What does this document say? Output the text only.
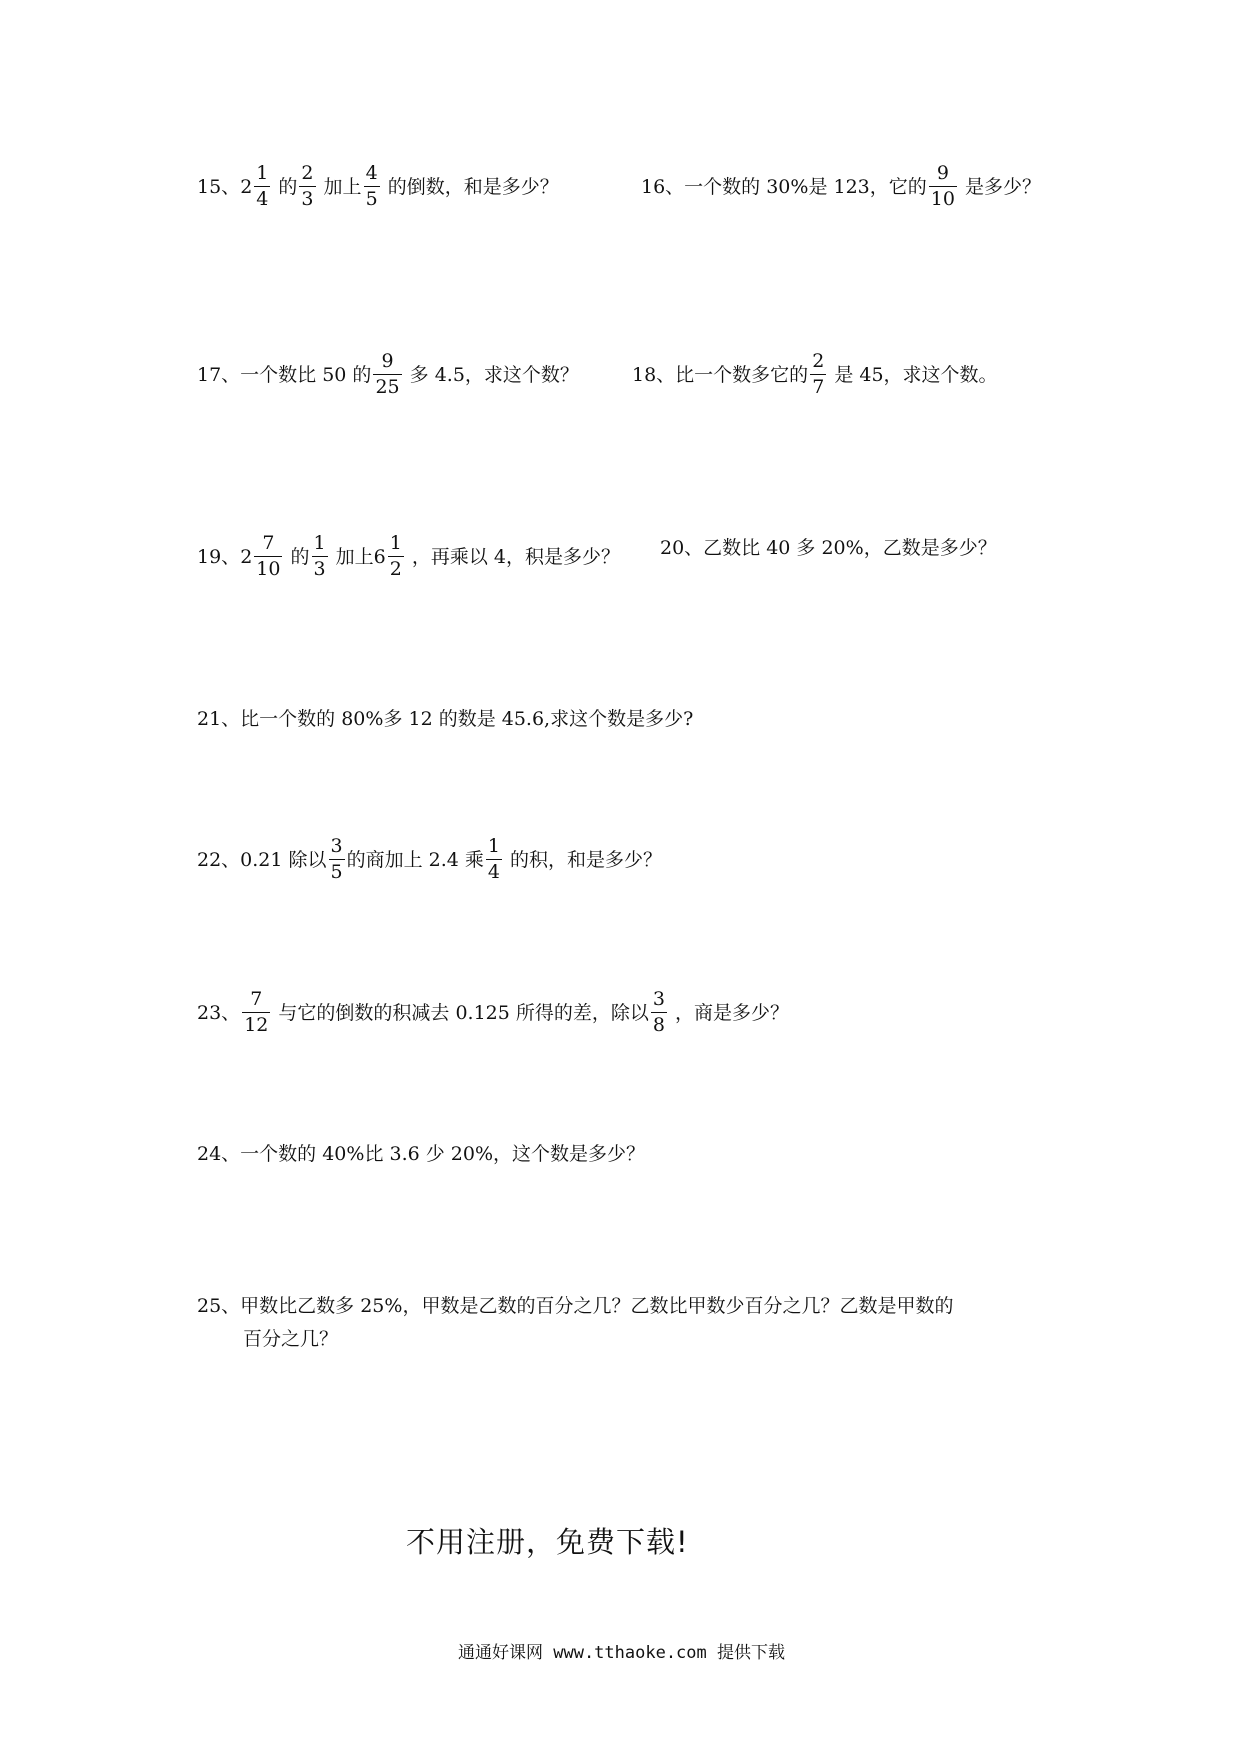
15、 $2 \frac{1}{4}$ 的 $\frac{2}{3}$ 加上 $\frac{4}{5}$ 的倒数，和是多少？	16、一个数的 30%是 123，它的 $\frac{9}{10}$ 是多少？
17、一个数比 50 的 $\frac{9}{25}$ 多 4.5，求这个数？	18、比一个数多它的 $\frac{2}{7}$ 是 45，求这个数。
19、 $2 \frac{7}{10}$ 的 $\frac{1}{3}$ 加上 $6 \frac{1}{2}$ ，再乘以 4，积是多少？ 20、乙数比 40 多 20%，乙数是多少？
21、比一个数的 80%多 12 的数是 45.6,求这个数是多少?
22、0.21 除以 $\frac{3}{5}$ 的商加上 2.4 乘 $\frac{1}{4}$ 的积，和是多少？
23、 $\frac{7}{12}$ 与它的倒数的积减去 0.125 所得的差，除以 $\frac{3}{8}$ ，商是多少？
24、一个数的 40%比 3.6 少 20%，这个数是多少？
25、甲数比乙数多 25%，甲数是乙数的百分之几？乙数比甲数少百分之几？乙数是甲数的
百分之几？
不用注册，免费下载!
通通好课网 www.tthaoke.com 提供下载
